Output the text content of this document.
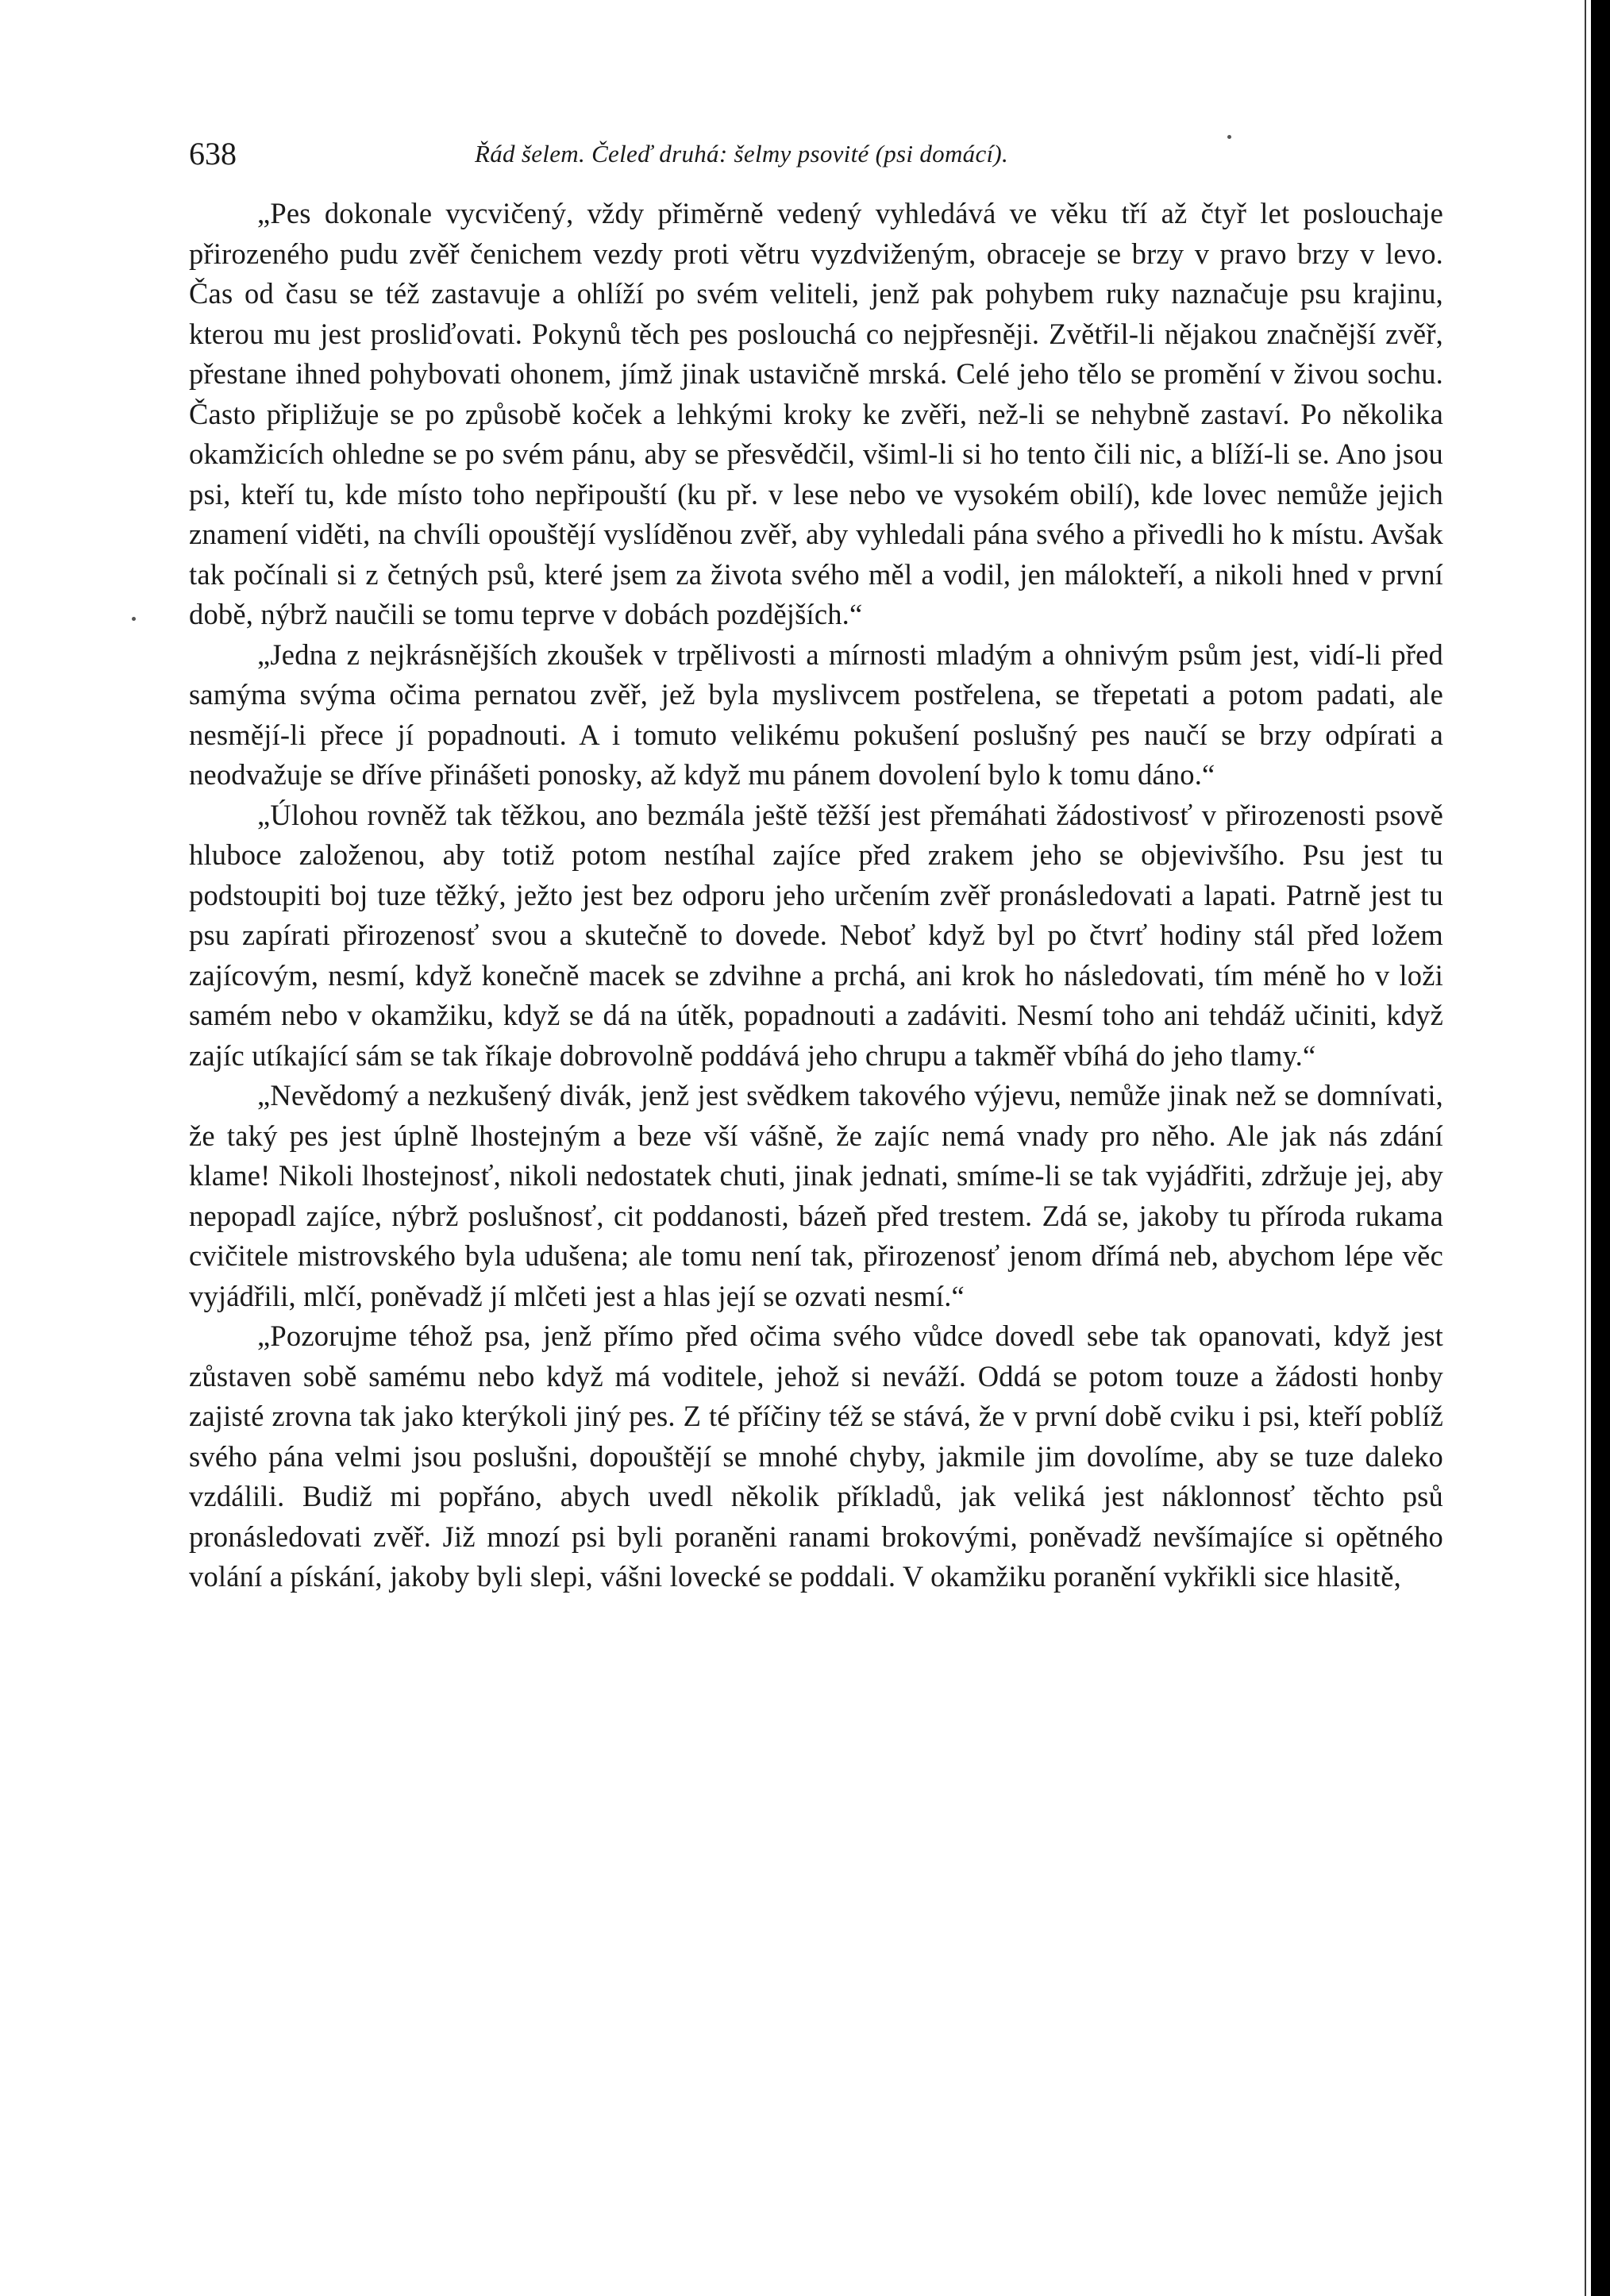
638	Řád šelem. Čeleď druhá: šelmy psovité (psi domácí).

„Pes dokonale vycvičený, vždy přiměrně vedený vyhledává ve věku tří až čtyř let poslouchaje přirozeného pudu zvěř čenichem vezdy proti větru vyzdviženým, obraceje se brzy v pravo brzy v levo. Čas od času se též zastavuje a ohlíží po svém veliteli, jenž pak pohybem ruky naznačuje psu krajinu, kterou mu jest prosliďovati. Pokynů těch pes poslouchá co nejpřesněji. Zvětřil-li nějakou značnější zvěř, přestane ihned pohybovati ohonem, jímž jinak ustavičně mrská. Celé jeho tělo se promění v živou sochu. Často připližuje se po způsobě koček a lehkými kroky ke zvěři, než-li se nehybně zastaví. Po několika okamžicích ohledne se po svém pánu, aby se přesvědčil, všiml-li si ho tento čili nic, a blíží-li se. Ano jsou psi, kteří tu, kde místo toho nepřipouští (ku př. v lese nebo ve vysokém obilí), kde lovec nemůže jejich znamení viděti, na chvíli opouštějí vyslíděnou zvěř, aby vyhledali pána svého a přivedli ho k místu. Avšak tak počínali si z četných psů, které jsem za života svého měl a vodil, jen málokteří, a nikoli hned v první době, nýbrž naučili se tomu teprve v dobách pozdějších.“

„Jedna z nejkrásnějších zkoušek v trpělivosti a mírnosti mladým a ohnivým psům jest, vidí-li před samýma svýma očima pernatou zvěř, jež byla myslivcem postřelena, se třepetati a potom padati, ale nesmějí-li přece jí popadnouti. A i tomuto velikému pokušení poslušný pes naučí se brzy odpírati a neodvažuje se dříve přinášeti ponosky, až když mu pánem dovolení bylo k tomu dáno.“

„Úlohou rovněž tak těžkou, ano bezmála ještě těžší jest přemáhati žádostivosť v přirozenosti psově hluboce založenou, aby totiž potom nestíhal zajíce před zrakem jeho se objevivšího. Psu jest tu podstoupiti boj tuze těžký, ježto jest bez odporu jeho určením zvěř pronásledovati a lapati. Patrně jest tu psu zapírati přirozenosť svou a skutečně to dovede. Neboť když byl po čtvrť hodiny stál před ložem zajícovým, nesmí, když konečně macek se zdvihne a prchá, ani krok ho následovati, tím méně ho v loži samém nebo v okamžiku, když se dá na útěk, popadnouti a zadáviti. Nesmí toho ani tehdáž učiniti, když zajíc utíkající sám se tak říkaje dobrovolně poddává jeho chrupu a takměř vbíhá do jeho tlamy.“

„Nevědomý a nezkušený divák, jenž jest svědkem takového výjevu, nemůže jinak než se domnívati, že taký pes jest úplně lhostejným a beze vší vášně, že zajíc nemá vnady pro něho. Ale jak nás zdání klame! Nikoli lhostejnosť, nikoli nedostatek chuti, jinak jednati, smíme-li se tak vyjádřiti, zdržuje jej, aby nepopadl zajíce, nýbrž poslušnosť, cit poddanosti, bázeň před trestem. Zdá se, jakoby tu příroda rukama cvičitele mistrovského byla udušena; ale tomu není tak, přirozenosť jenom dřímá neb, abychom lépe věc vyjádřili, mlčí, poněvadž jí mlčeti jest a hlas její se ozvati nesmí.“

„Pozorujme téhož psa, jenž přímo před očima svého vůdce dovedl sebe tak opanovati, když jest zůstaven sobě samému nebo když má voditele, jehož si neváží. Oddá se potom touze a žádosti honby zajisté zrovna tak jako kterýkoli jiný pes. Z té příčiny též se stává, že v první době cviku i psi, kteří poblíž svého pána velmi jsou poslušni, dopouštějí se mnohé chyby, jakmile jim dovolíme, aby se tuze daleko vzdálili. Budiž mi popřáno, abych uvedl několik příkladů, jak veliká jest náklonnosť těchto psů pronásledovati zvěř. Již mnozí psi byli poraněni ranami brokovými, poněvadž nevšímajíce si opětného volání a pískání, jakoby byli slepi, vášni lovecké se poddali. V okamžiku poranění vykřikli sice hlasitě,
